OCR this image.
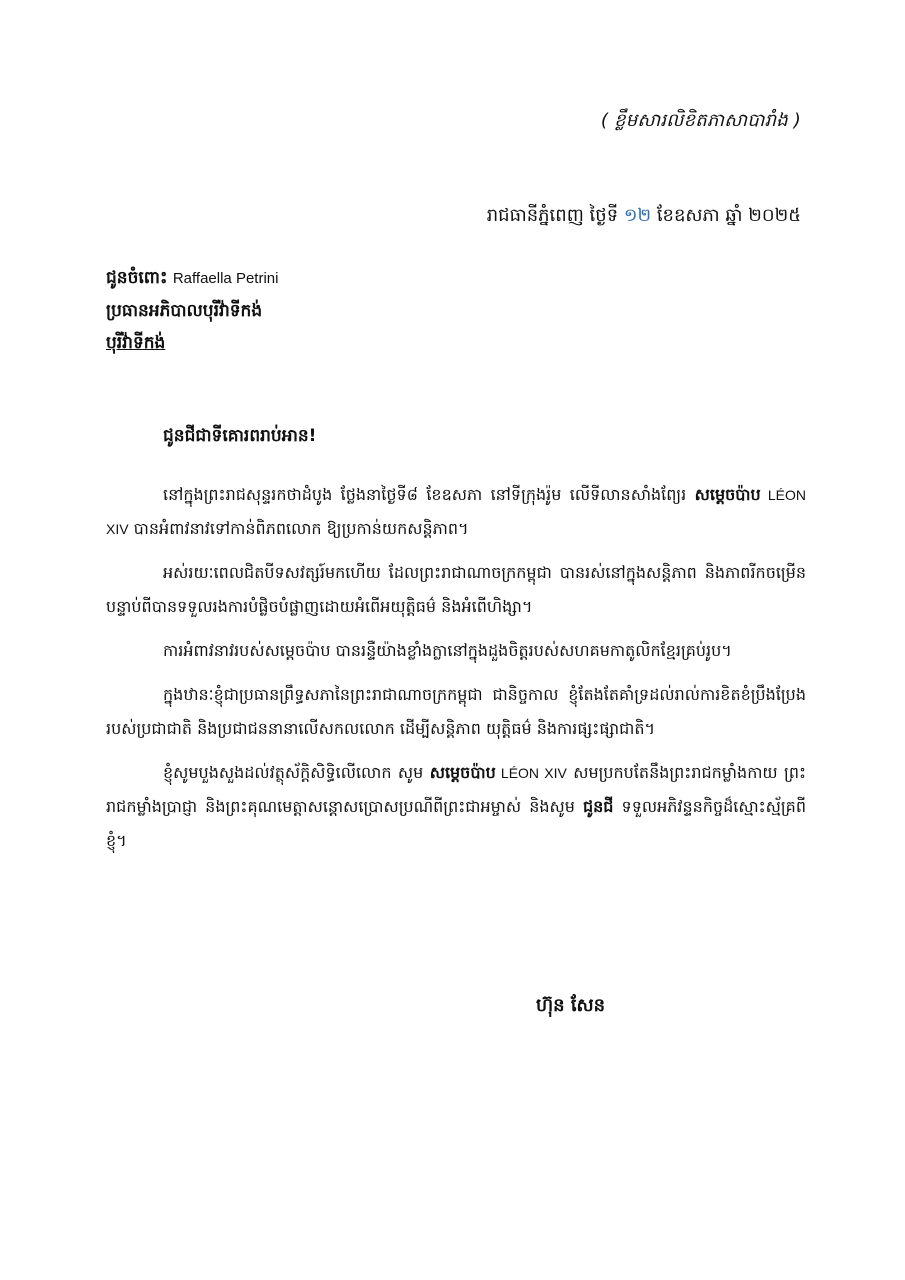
( ខ្លឹមសារលិខិតភាសាបារាំង )
រាជធានីភ្នំពេញ ថ្ងៃទី ១២ ខែឧសភា ឆ្នាំ ២០២៥
ជូនចំពោះ Raffaella Petrini
ប្រធានអភិបាលបុរីវ៉ាទីកង់
បុរីវ៉ាទីកង់
ជូនជីជាទីគោរពរាប់អាន!

នៅក្នុងព្រះរាជសុន្ទរកថាដំបូង ថ្លែងនាថ្ងៃទី៨ ខែឧសភា នៅទីក្រុងរ៉ូម លើទីលានសាំងព្យែរ សម្តេចប៉ាប LÉON XIV បានអំពាវនាវទៅកាន់ពិភពលោក ឱ្យប្រកាន់យកសន្តិភាព។

អស់រយៈពេលជិតបីទសវត្សរ៍មកហើយ ដែលព្រះរាជាណាចក្រកម្ពុជា បានរស់នៅក្នុងសន្តិភាព និងភាពរីកចម្រើន បន្ទាប់ពីបានទទួលរងការបំផ្លិចបំផ្លាញដោយអំពើអយុត្តិធម៌ និងអំពើហិង្សា។

ការអំពាវនាវរបស់សម្តេចប៉ាប បានរន្ទឺយ៉ាងខ្លាំងក្លានៅក្នុងដួងចិត្តរបស់សហគមកាតូលិកខ្មែរគ្រប់រូប។

ក្នុងឋានៈខ្ញុំជាប្រធានព្រឹទ្ធសភានៃព្រះរាជាណាចក្រកម្ពុជា ជានិច្ចកាល ខ្ញុំតែងតែគាំទ្រដល់រាល់ការខិតខំប្រឹងប្រែងរបស់ប្រជាជាតិ និងប្រជាជននានាលើសកលលោក ដើម្បីសន្តិភាព យុត្តិធម៌ និងការផ្សះផ្សាជាតិ។

ខ្ញុំសូមបួងសួងដល់វត្ថុស័ក្តិសិទ្ធិលើលោក សូម សម្តេចប៉ាប LÉON XIV សមប្រកបតែនឹងព្រះរាជកម្លាំងកាយ ព្រះរាជកម្លាំងប្រាជ្ញា និងព្រះគុណមេត្តាសន្តោសប្រោសប្រណីពីព្រះជាអម្ចាស់ និងសូម ជូនជី ទទួលអភិវន្ទនកិច្ចដ៏ស្មោះស្ម័គ្រពីខ្ញុំ។

ហ៊ុន សែន
